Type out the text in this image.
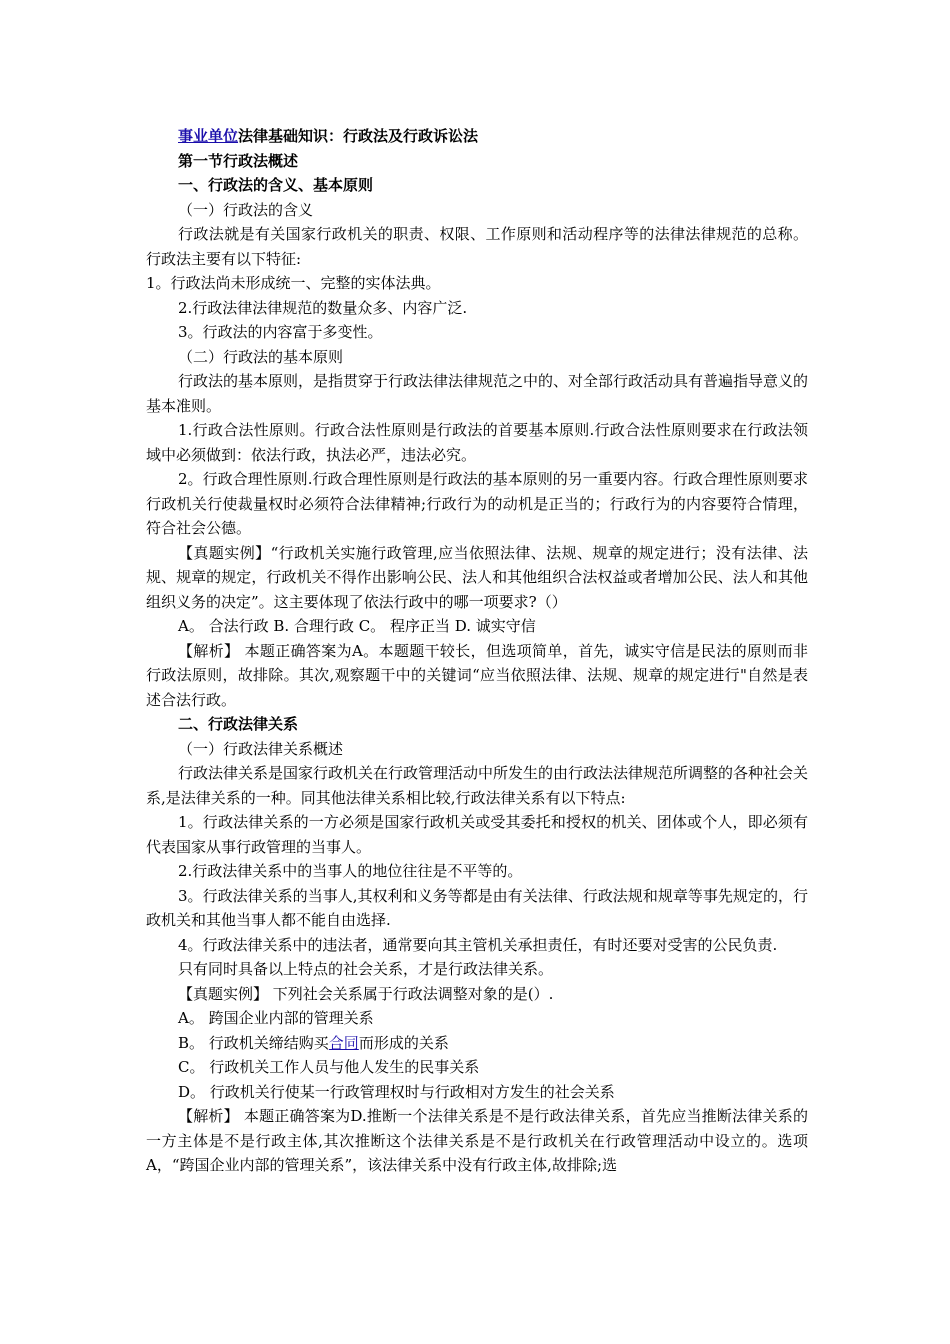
事业单位法律基础知识：行政法及行政诉讼法

第一节行政法概述

一、行政法的含义、基本原则

（一）行政法的含义

行政法就是有关国家行政机关的职责、权限、工作原则和活动程序等的法律法律规范的总称。 行政法主要有以下特征:

1。行政法尚未形成统一、完整的实体法典。

2.行政法律法律规范的数量众多、内容广泛.

3。行政法的内容富于多变性。

（二）行政法的基本原则

行政法的基本原则，是指贯穿于行政法律法律规范之中的、对全部行政活动具有普遍指导意义的基本准则。

1.行政合法性原则。行政合法性原则是行政法的首要基本原则.行政合法性原则要求在行政法领域中必须做到：依法行政，执法必严，违法必究。

2。行政合理性原则.行政合理性原则是行政法的基本原则的另一重要内容。行政合理性原则要求行政机关行使裁量权时必须符合法律精神;行政行为的动机是正当的；行政行为的内容要符合情理，符合社会公德。

【真题实例】“行政机关实施行政管理,应当依照法律、法规、规章的规定进行；没有法律、法规、规章的规定，行政机关不得作出影响公民、法人和其他组织合法权益或者增加公民、法人和其他组织义务的决定”。这主要体现了依法行政中的哪一项要求?（）

A。 合法行政 B. 合理行政 C。 程序正当 D. 诚实守信

【解析】 本题正确答案为A。本题题干较长，但选项简单，首先，诚实守信是民法的原则而非行政法原则，故排除。其次,观察题干中的关键词“应当依照法律、法规、规章的规定进行"自然是表述合法行政。

二、行政法律关系

（一）行政法律关系概述

行政法律关系是国家行政机关在行政管理活动中所发生的由行政法法律规范所调整的各种社会关系,是法律关系的一种。同其他法律关系相比较,行政法律关系有以下特点:

1。行政法律关系的一方必须是国家行政机关或受其委托和授权的机关、团体或个人，即必须有代表国家从事行政管理的当事人。

2.行政法律关系中的当事人的地位往往是不平等的。

3。行政法律关系的当事人,其权利和义务等都是由有关法律、行政法规和规章等事先规定的，行政机关和其他当事人都不能自由选择.

4。行政法律关系中的违法者，通常要向其主管机关承担责任，有时还要对受害的公民负责.

只有同时具备以上特点的社会关系，才是行政法律关系。

【真题实例】 下列社会关系属于行政法调整对象的是(）.

A。 跨国企业内部的管理关系

B。 行政机关缔结购买合同而形成的关系

C。 行政机关工作人员与他人发生的民事关系

D。 行政机关行使某一行政管理权时与行政相对方发生的社会关系

【解析】 本题正确答案为D.推断一个法律关系是不是行政法律关系，首先应当推断法律关系的一方主体是不是行政主体,其次推断这个法律关系是不是行政机关在行政管理活动中设立的。选项A，“跨国企业内部的管理关系”，该法律关系中没有行政主体,故排除;选
